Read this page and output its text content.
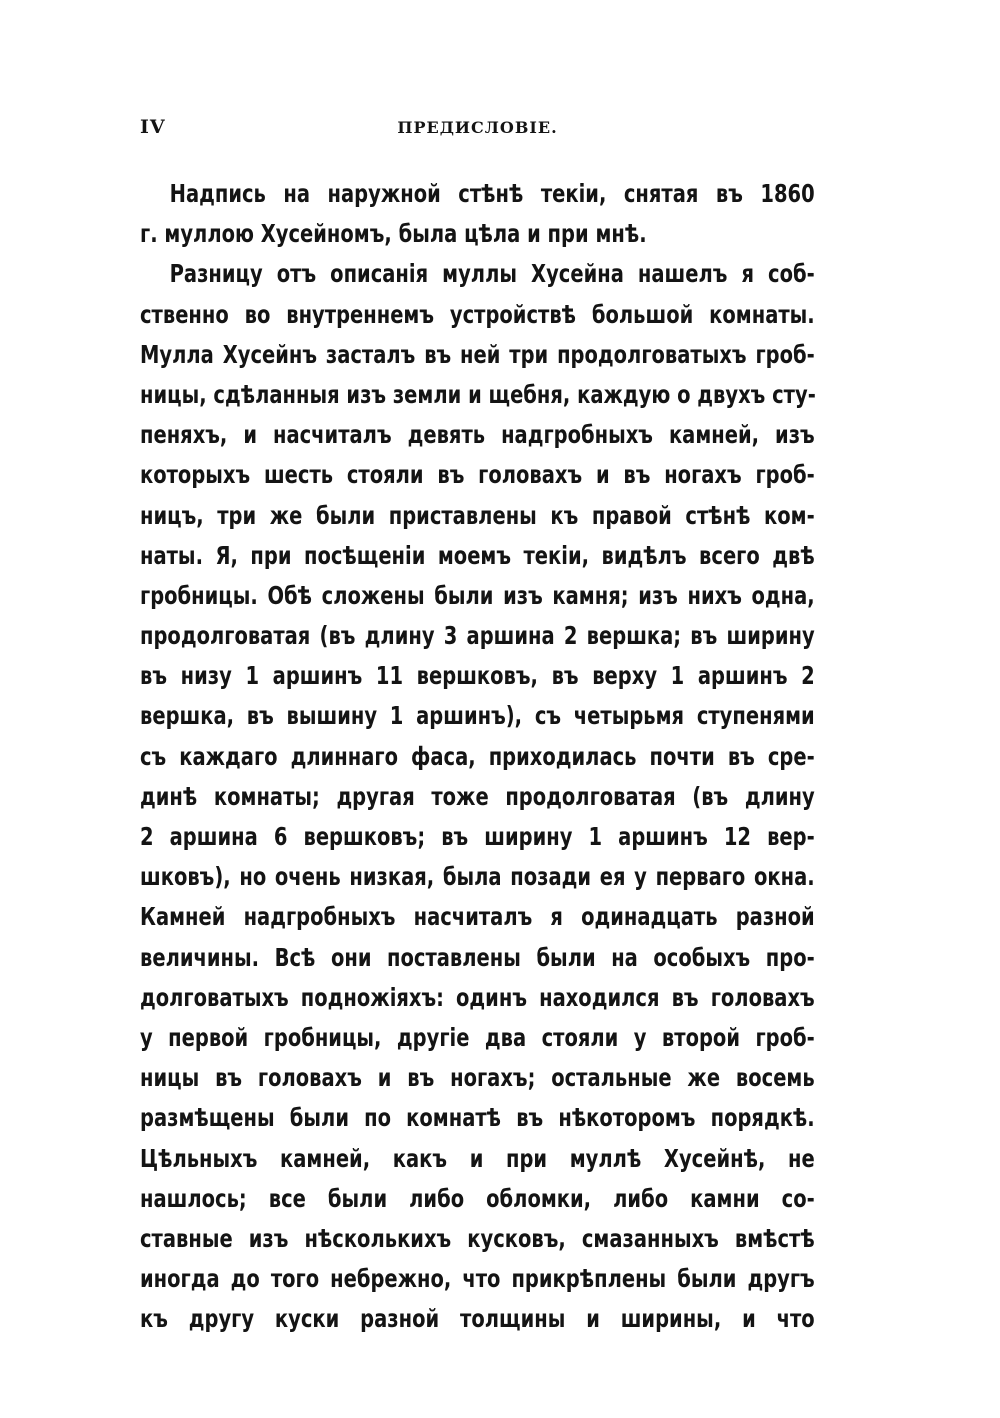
IV	ПРЕДИСЛОВІЕ.
Надпись на наружной стѣнѣ текіи, снятая въ 1860
г. муллою Хусейномъ, была цѣла и при мнѣ.
Разницу отъ описанія муллы Хусейна нашелъ я соб-
ственно во внутреннемъ устройствѣ большой комнаты.
Мулла Хусейнъ засталъ въ ней три продолговатыхъ гроб-
ницы, сдѣланныя изъ земли и щебня, каждую о двухъ сту-
пеняхъ, и насчиталъ девять надгробныхъ камней, изъ
которыхъ шесть стояли въ головахъ и въ ногахъ гроб-
ницъ, три же были приставлены къ правой стѣнѣ ком-
наты. Я, при посѣщеніи моемъ текіи, видѣлъ всего двѣ
гробницы. Обѣ сложены были изъ камня; изъ нихъ одна,
продолговатая (въ длину 3 аршина 2 вершка; въ ширину
въ низу 1 аршинъ 11 вершковъ, въ верху 1 аршинъ 2
вершка, въ вышину 1 аршинъ), съ четырьмя ступенями
съ каждаго длиннаго фаса, приходилась почти въ сре-
динѣ комнаты; другая тоже продолговатая (въ длину
2 аршина 6 вершковъ; въ ширину 1 аршинъ 12 вер-
шковъ), но очень низкая, была позади ея у перваго окна.
Камней надгробныхъ насчиталъ я одинадцать разной
величины. Всѣ они поставлены были на особыхъ про-
долговатыхъ подножіяхъ: одинъ находился въ головахъ
у первой гробницы, другіе два стояли у второй гроб-
ницы въ головахъ и въ ногахъ; остальные же восемь
размѣщены были по комнатѣ въ нѣкоторомъ порядкѣ.
Цѣльныхъ камней, какъ и при муллѣ Хусейнѣ, не
нашлось; все были либо обломки, либо камни со-
ставные изъ нѣсколькихъ кусковъ, смазанныхъ вмѣстѣ
иногда до того небрежно, что прикрѣплены были другъ
къ другу куски разной толщины и ширины, и что
